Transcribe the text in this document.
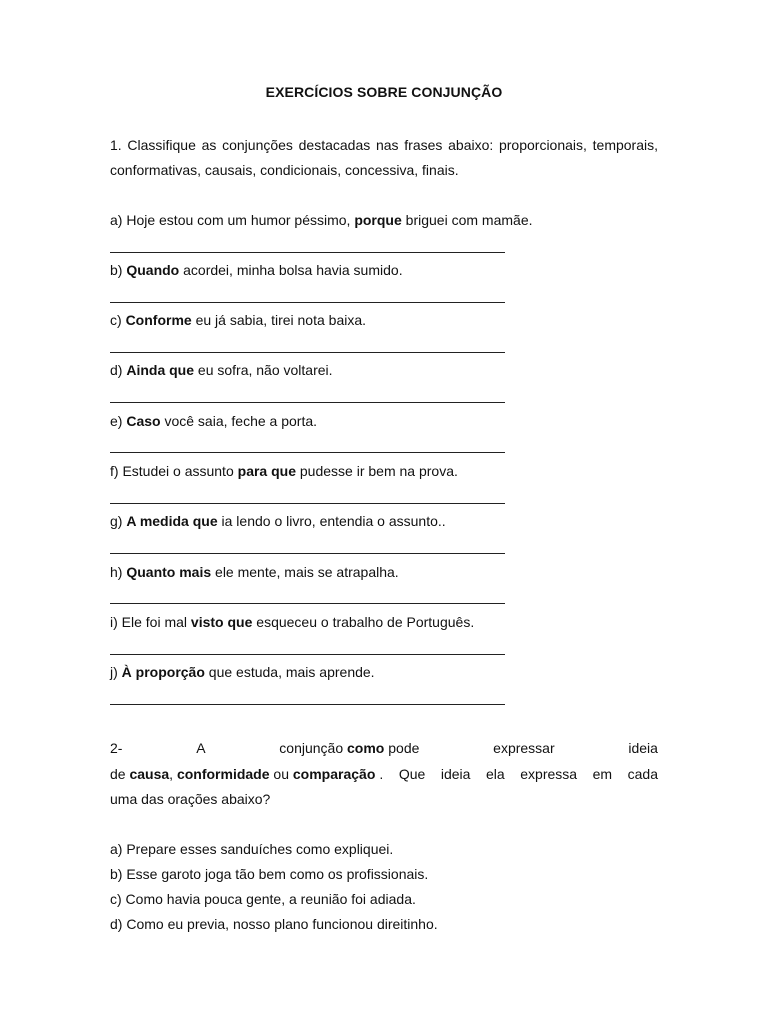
EXERCÍCIOS SOBRE CONJUNÇÃO
1. Classifique as conjunções destacadas nas frases abaixo: proporcionais, temporais, conformativas, causais, condicionais, concessiva, finais.
a) Hoje estou com um humor péssimo, porque briguei com mamãe.
b) Quando acordei, minha bolsa havia sumido.
c) Conforme eu já sabia, tirei nota baixa.
d) Ainda que eu sofra, não voltarei.
e) Caso você saia, feche a porta.
f) Estudei o assunto para que pudesse ir bem na prova.
g) A medida que ia lendo o livro, entendia o assunto..
h) Quanto mais ele mente, mais se atrapalha.
i) Ele foi mal visto que esqueceu o trabalho de Português.
j) À proporção que estuda, mais aprende.
2-	A	conjunção como pode	expressar	ideia
de causa, conformidade ou comparação . Que ideia ela expressa em cada
uma das orações abaixo?
a) Prepare esses sanduíches como expliquei.
b) Esse garoto joga tão bem como os profissionais.
c) Como havia pouca gente, a reunião foi adiada.
d) Como eu previa, nosso plano funcionou direitinho.
